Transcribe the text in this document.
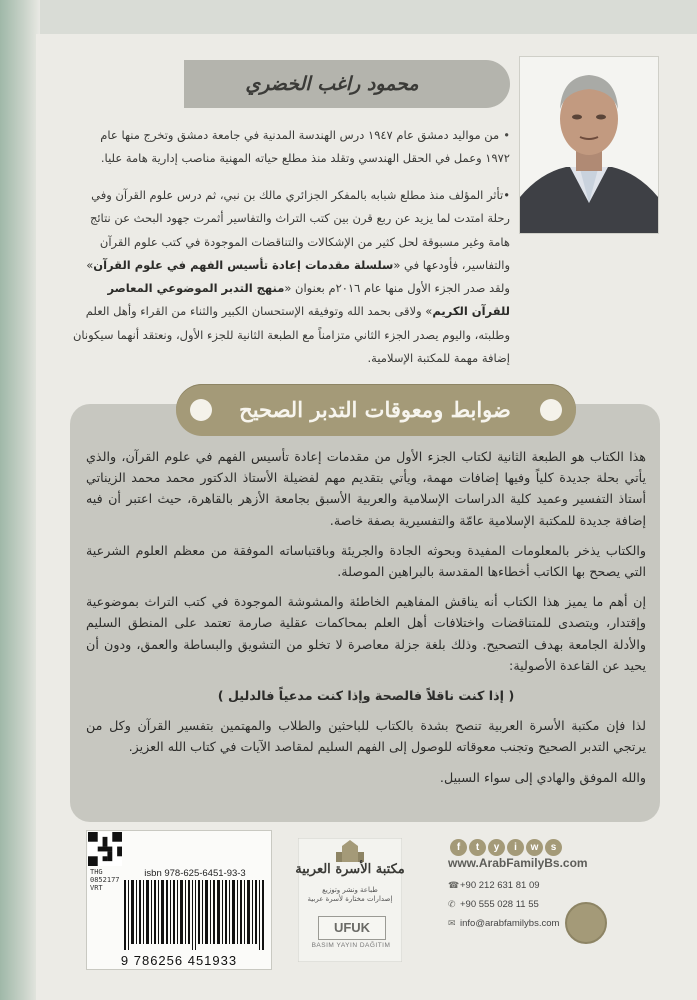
محمود راغب الخضري

•من مواليد دمشق عام ١٩٤٧ درس الهندسة المدنية في جامعة دمشق وتخرج منها عام ١٩٧٢ وعمل في الحقل الهندسي وتقلد منذ مطلع حياته المهنية مناصب إدارية هامة عليا.

•تأثر المؤلف منذ مطلع شبابه بالمفكر الجزائري مالك بن نبي، ثم درس علوم القرآن وفي رحلة امتدت لما يزيد عن ربع قرن بين كتب التراث والتفاسير أثمرت جهود البحث عن نتائج هامة وغير مسبوقة لحل كثير من الإشكالات والتناقضات الموجودة في كتب علوم القرآن والتفاسير، فأودعها في «سلسلة مقدمات إعادة تأسيس الفهم في علوم القرآن» ولقد صدر الجزء الأول منها عام ٢٠١٦م بعنوان «منهج التدبر الموضوعي المعاصر للقرآن الكريم» ولاقى بحمد الله وتوفيقه الإستحسان الكبير والثناء من القراء وأهل العلم وطلبته، واليوم يصدر الجزء الثاني متزامناً مع الطبعة الثانية للجزء الأول، ونعتقد أنهما سيكونان إضافة مهمة للمكتبة الإسلامية.
ضوابط ومعوقات التدبر الصحيح

هذا الكتاب هو الطبعة الثانية لكتاب الجزء الأول من مقدمات إعادة تأسيس الفهم في علوم القرآن، والذي يأتي بحلة جديدة كلياً وفيها إضافات مهمة، ويأتي بتقديم مهم لفضيلة الأستاذ الدكتور محمد محمد الزيناتي أستاذ التفسير وعميد كلية الدراسات الإسلامية والعربية الأسبق بجامعة الأزهر بالقاهرة، حيث اعتبر أن فيه إضافة جديدة للمكتبة الإسلامية عامّة والتفسيرية بصفة خاصة.

والكتاب يذخر بالمعلومات المفيدة وبحوثه الجادة والجريئة وباقتباساته الموفقة من معظم العلوم الشرعية التي يصحح بها الكاتب أخطاءها المقدسة بالبراهين الموصلة.

إن أهم ما يميز هذا الكتاب أنه يناقش المفاهيم الخاطئة والمشوشة الموجودة في كتب التراث بموضوعية وإقتدار، ويتصدى للمتناقضات واختلافات أهل العلم بمحاكمات عقلية صارمة تعتمد على المنطق السليم والأدلة الجامعة بهدف التصحيح. وذلك بلغة جزلة معاصرة لا تخلو من التشويق والبساطة والعمق، ودون أن يحيد عن القاعدة الأصولية:

( إذا كنت ناقلاً فالصحة وإذا كنت مدعياً فالدليل )

لذا فإن مكتبة الأسرة العربية تنصح بشدة بالكتاب للباحثين والطلاب والمهتمين بتفسير القرآن وكل من يرتجي التدبر الصحيح وتجنب معوقاته للوصول إلى الفهم السليم لمقاصد الآيات في كتاب الله العزيز.

والله الموفق والهادي إلى سواء السبيل.

THG
0852177
VRT
isbn 978-625-6451-93-3
9 786256 451933
مكتبة الأسرة العربية
طباعة ونشر وتوزيع
إصدارات مختارة لأسرة عربية
UFUK
BASIM YAYIN DAĞITIM
f t y i w s
www.ArabFamilyBs.com
☎+90 212 631 81 09
✆ +90 555 028 11 55
✉ info@arabfamilybs.com
